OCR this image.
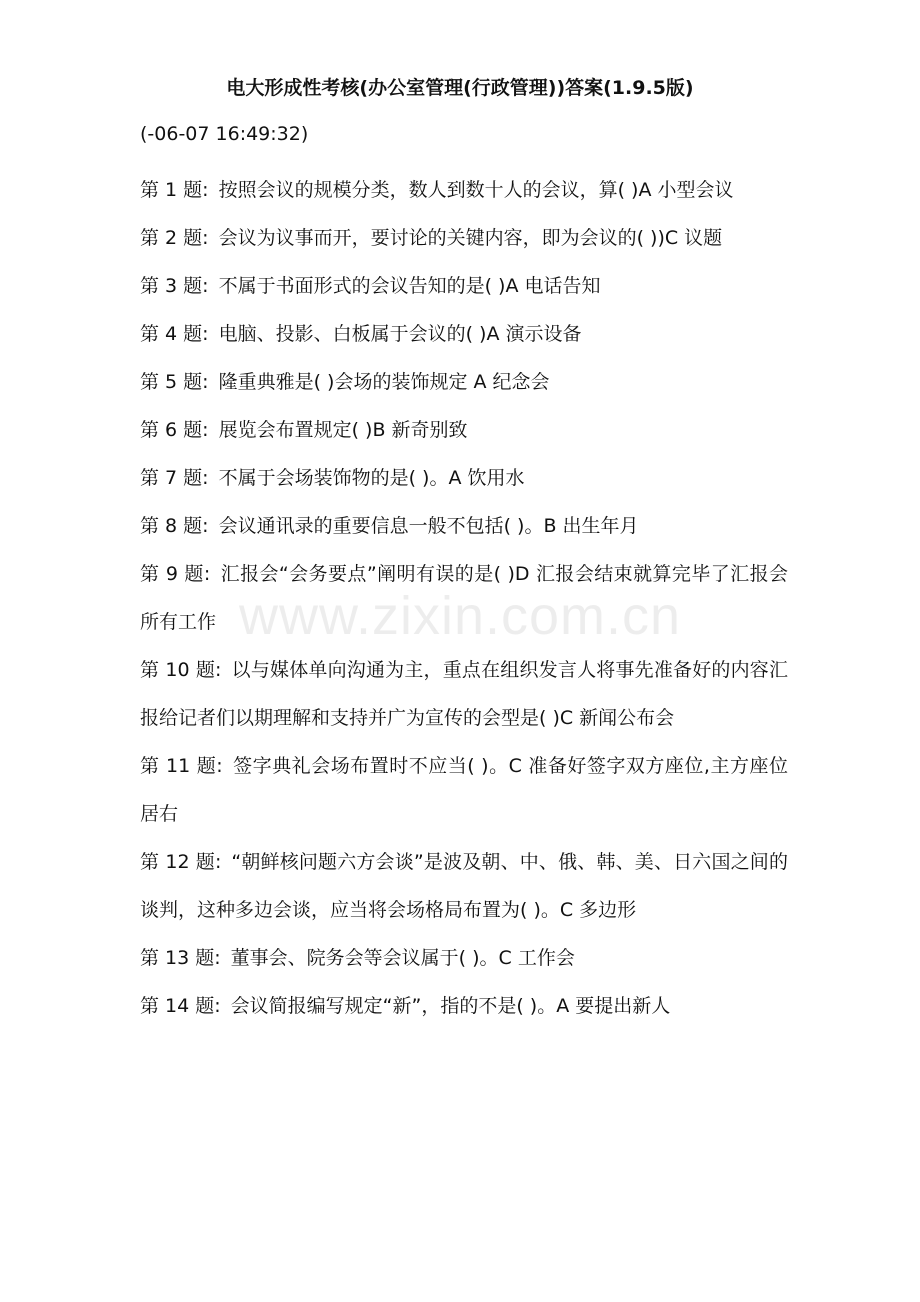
www.zixin.com.cn
电大形成性考核(办公室管理(行政管理))答案(1.9.5版)
(-06-07 16:49:32)
第 1 题: 按照会议的规模分类，数人到数十人的会议，算( )A 小型会议
第 2 题: 会议为议事而开，要讨论的关键内容，即为会议的( ))C 议题
第 3 题: 不属于书面形式的会议告知的是( )A 电话告知
第 4 题: 电脑、投影、白板属于会议的( )A 演示设备
第 5 题: 隆重典雅是( )会场的装饰规定 A 纪念会
第 6 题: 展览会布置规定( )B 新奇别致
第 7 题: 不属于会场装饰物的是( )。A 饮用水
第 8 题: 会议通讯录的重要信息一般不包括( )。B 出生年月
第 9 题: 汇报会“会务要点”阐明有误的是( )D 汇报会结束就算完毕了汇报会所有工作
第 10 题: 以与媒体单向沟通为主，重点在组织发言人将事先准备好的内容汇报给记者们以期理解和支持并广为宣传的会型是( )C 新闻公布会
第 11 题: 签字典礼会场布置时不应当( )。C 准备好签字双方座位,主方座位居右
第 12 题: “朝鲜核问题六方会谈”是波及朝、中、俄、韩、美、日六国之间的谈判，这种多边会谈，应当将会场格局布置为( )。C 多边形
第 13 题: 董事会、院务会等会议属于( )。C 工作会
第 14 题: 会议简报编写规定“新”，指的不是( )。A 要提出新人
